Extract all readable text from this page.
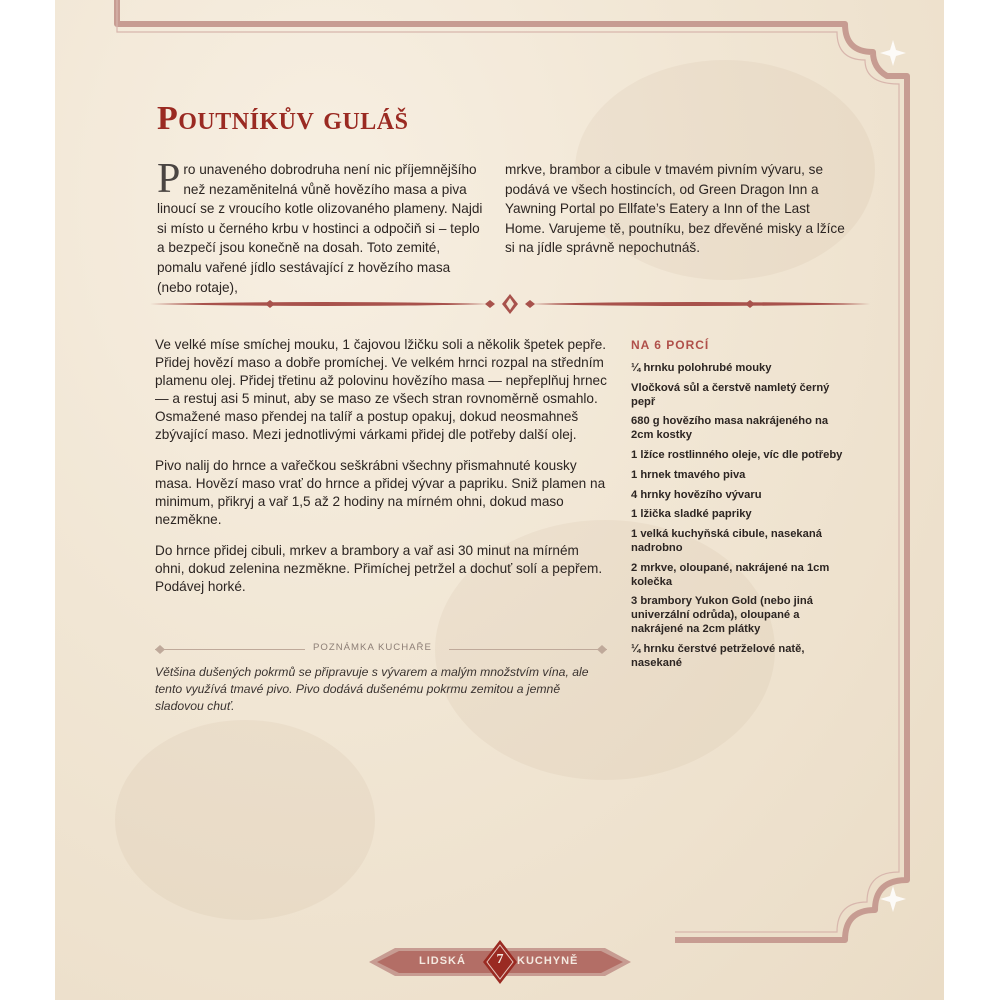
Poutníkův guláš

Pro unaveného dobrodruha není nic příjemnějšího než nezaměnitelná vůně hovězího masa a piva linoucí se z vroucího kotle olizovaného plameny. Najdi si místo u černého krbu v hostinci a odpočiň si – teplo a bezpečí jsou konečně na dosah. Toto zemité, pomalu vařené jídlo sestávající z hovězího masa (nebo rotaje),

mrkve, brambor a cibule v tmavém pivním vývaru, se podává ve všech hostincích, od Green Dragon Inn a Yawning Portal po Ellfate’s Eatery a Inn of the Last Home. Varujeme tě, poutníku, bez dřevěné misky a lžíce si na jídle správně nepochutnáš.

Ve velké míse smíchej mouku, 1 čajovou lžičku soli a několik špetek pepře. Přidej hovězí maso a dobře promíchej. Ve velkém hrnci rozpal na středním plamenu olej. Přidej třetinu až polovinu hovězího masa — nepřeplňuj hrnec — a restuj asi 5 minut, aby se maso ze všech stran rovnoměrně osmahlo. Osmažené maso přendej na talíř a postup opakuj, dokud neosmahneš zbývající maso. Mezi jednotlivými várkami přidej dle potřeby další olej.

Pivo nalij do hrnce a vařečkou seškrábni všechny přismahnuté kousky masa. Hovězí maso vrať do hrnce a přidej vývar a papriku. Sniž plamen na minimum, přikryj a vař 1,5 až 2 hodiny na mírném ohni, dokud maso nezměkne.

Do hrnce přidej cibuli, mrkev a brambory a vař asi 30 minut na mírném ohni, dokud zelenina nezměkne. Přimíchej petržel a dochuť solí a pepřem. Podávej horké.

POZNÁMKA KUCHAŘE

Většina dušených pokrmů se připravuje s vývarem a malým množstvím vína, ale tento využívá tmavé pivo. Pivo dodává dušenému pokrmu zemitou a jemně sladovou chuť.

NA 6 PORCÍ
¼ hrnku polohrubé mouky
Vločková sůl a čerstvě namletý černý pepř
680 g hovězího masa nakrájeného na 2cm kostky
1 lžíce rostlinného oleje, víc dle potřeby
1 hrnek tmavého piva
4 hrnky hovězího vývaru
1 lžička sladké papriky
1 velká kuchyňská cibule, nasekaná nadrobno
2 mrkve, oloupané, nakrájené na 1cm kolečka
3 brambory Yukon Gold (nebo jiná univerzální odrůda), oloupané a nakrájené na 2cm plátky
¼ hrnku čerstvé petrželové natě, nasekané
LIDSKÁ	7	KUCHYNĚ
